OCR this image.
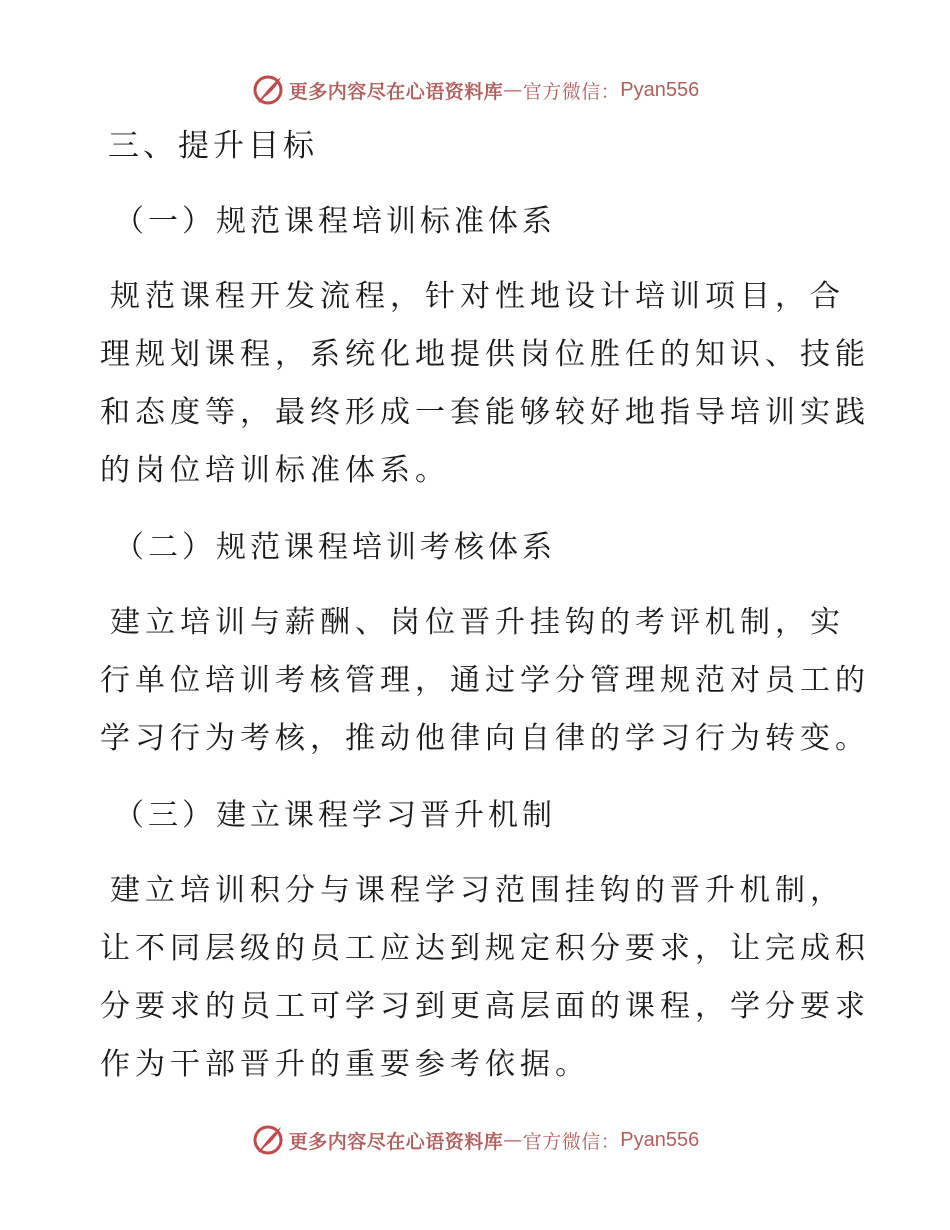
更多内容尽在心语资料库 — 官方微信： Pyan556
三、提升目标
（一）规范课程培训标准体系
规范课程开发流程，针对性地设计培训项目，合
理规划课程，系统化地提供岗位胜任的知识、技能
和态度等，最终形成一套能够较好地指导培训实践
的岗位培训标准体系。
（二）规范课程培训考核体系
建立培训与薪酬、岗位晋升挂钩的考评机制，实
行单位培训考核管理，通过学分管理规范对员工的
学习行为考核，推动他律向自律的学习行为转变。
（三）建立课程学习晋升机制
建立培训积分与课程学习范围挂钩的晋升机制，
让不同层级的员工应达到规定积分要求，让完成积
分要求的员工可学习到更高层面的课程，学分要求
作为干部晋升的重要参考依据。
更多内容尽在心语资料库 — 官方微信： Pyan556
